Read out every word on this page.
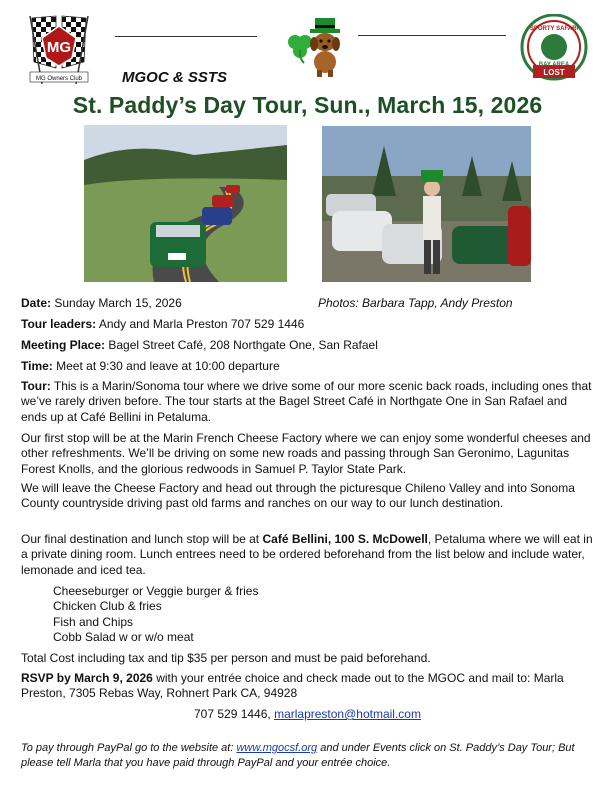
MG
MG Owners Club
SPORTY SAFARI
BAY AREA
LOST
MGOC & SSTS
St. Paddy’s Day Tour, Sun., March 15, 2026
Photos: Barbara Tapp, Andy Preston
Date: Sunday March 15, 2026
Tour leaders: Andy and Marla Preston 707 529 1446
Meeting Place: Bagel Street Café, 208 Northgate One, San Rafael
Time: Meet at 9:30 and leave at 10:00 departure
Tour: This is a Marin/Sonoma tour where we drive some of our more scenic back roads, including ones that we’ve rarely driven before. The tour starts at the Bagel Street Café in Northgate One in San Rafael and ends up at Café Bellini in Petaluma.
Our first stop will be at the Marin French Cheese Factory where we can enjoy some wonderful cheeses and other refreshments. We’ll be driving on some new roads and passing through San Geronimo, Lagunitas Forest Knolls, and the glorious redwoods in Samuel P. Taylor State Park.
We will leave the Cheese Factory and head out through the picturesque Chileno Valley and into Sonoma County countryside driving past old farms and ranches on our way to our lunch destination.
Our final destination and lunch stop will be at Café Bellini, 100 S. McDowell, Petaluma where we will eat in a private dining room. Lunch entrees need to be ordered beforehand from the list below and include water, lemonade and iced tea.
Cheeseburger or Veggie burger & fries
Chicken Club & fries
Fish and Chips
Cobb Salad w or w/o meat
Total Cost including tax and tip $35 per person and must be paid beforehand.
RSVP by March 9, 2026 with your entrée choice and check made out to the MGOC and mail to: Marla Preston, 7305 Rebas Way, Rohnert Park CA, 94928
707 529 1446, marlapreston@hotmail.com
To pay through PayPal go to the website at: www.mgocsf.org and under Events click on St. Paddy’s Day Tour; But please tell Marla that you have paid through PayPal and your entrée choice.
